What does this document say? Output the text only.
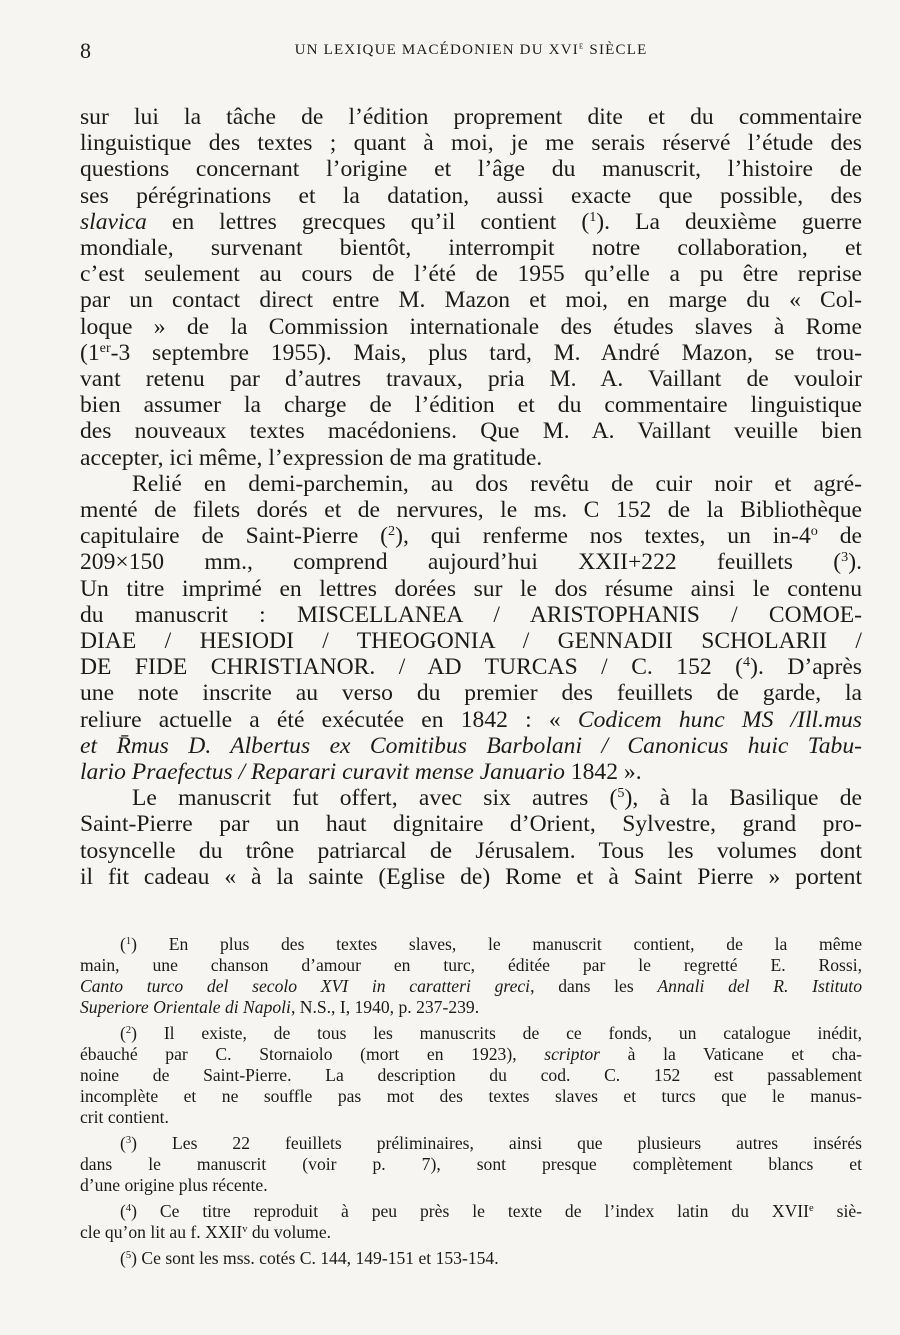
8	UN LEXIQUE MACÉDONIEN DU XVIe SIÈCLE
sur lui la tâche de l’édition proprement dite et du commentaire
linguistique des textes ; quant à moi, je me serais réservé l’étude des
questions concernant l’origine et l’âge du manuscrit, l’histoire de
ses pérégrinations et la datation, aussi exacte que possible, des
slavica en lettres grecques qu’il contient ($^1$). La deuxième guerre
mondiale, survenant bientôt, interrompit notre collaboration, et
c’est seulement au cours de l’été de 1955 qu’elle a pu être reprise
par un contact direct entre M. Mazon et moi, en marge du « Col-
loque » de la Commission internationale des études slaves à Rome
(1er-3 septembre 1955). Mais, plus tard, M. André Mazon, se trou-
vant retenu par d’autres travaux, pria M. A. Vaillant de vouloir
bien assumer la charge de l’édition et du commentaire linguistique
des nouveaux textes macédoniens. Que M. A. Vaillant veuille bien
accepter, ici même, l’expression de ma gratitude.
Relié en demi-parchemin, au dos revêtu de cuir noir et agré-
menté de filets dorés et de nervures, le ms. C 152 de la Bibliothèque
capitulaire de Saint-Pierre ($^2$), qui renferme nos textes, un in-4$^o$ de
209×150 mm., comprend aujourd’hui XXII+222 feuillets ($^3$).
Un titre imprimé en lettres dorées sur le dos résume ainsi le contenu
du manuscrit : MISCELLANEA / ARISTOPHANIS / COMOE-
DIAE / HESIODI / THEOGONIA / GENNADII SCHOLARII /
DE FIDE CHRISTIANOR. / AD TURCAS / C. 152 ($^4$). D’après
une note inscrite au verso du premier des feuillets de garde, la
reliure actuelle a été exécutée en 1842 : « Codicem hunc MS /Ill.mus
et R̄mus D. Albertus ex Comitibus Barbolani / Canonicus huic Tabu-
lario Praefectus / Reparari curavit mense Januario 1842 ».
Le manuscrit fut offert, avec six autres ($^5$), à la Basilique de
Saint-Pierre par un haut dignitaire d’Orient, Sylvestre, grand pro-
tosyncelle du trône patriarcal de Jérusalem. Tous les volumes dont
il fit cadeau « à la sainte (Eglise de) Rome et à Saint Pierre » portent
($^1$) En plus des textes slaves, le manuscrit contient, de la même
main, une chanson d’amour en turc, éditée par le regretté E. Rossi,
Canto turco del secolo XVI in caratteri greci, dans les Annali del R. Istituto
Superiore Orientale di Napoli, N.S., I, 1940, p. 237-239.
($^2$) Il existe, de tous les manuscrits de ce fonds, un catalogue inédit,
ébauché par C. Stornaiolo (mort en 1923), scriptor à la Vaticane et cha-
noine de Saint-Pierre. La description du cod. C. 152 est passablement
incomplète et ne souffle pas mot des textes slaves et turcs que le manus-
crit contient.
($^3$) Les 22 feuillets préliminaires, ainsi que plusieurs autres insérés
dans le manuscrit (voir p. 7), sont presque complètement blancs et
d’une origine plus récente.
($^4$) Ce titre reproduit à peu près le texte de l’index latin du XVIIe siè-
cle qu’on lit au f. XXII$^v$ du volume.
($^5$) Ce sont les mss. cotés C. 144, 149-151 et 153-154.
